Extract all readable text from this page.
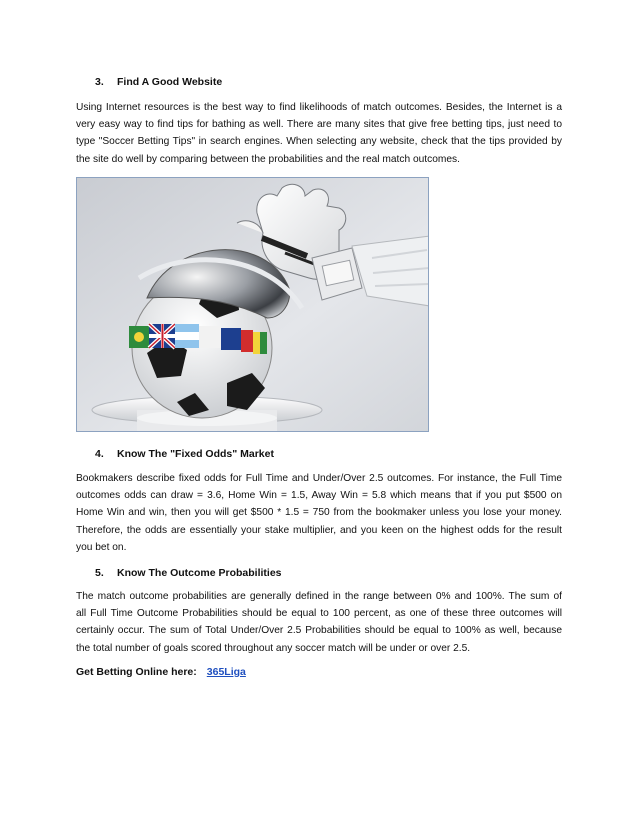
3. Find A Good Website

Using Internet resources is the best way to find likelihoods of match outcomes. Besides, the Internet is a
very easy way to find tips for bathing as well. There are many sites that give free betting tips, just need to
type "Soccer Betting Tips" in search engines. When selecting any website, check that the tips provided by
the site do well by comparing between the probabilities and the real match outcomes.

4. Know The "Fixed Odds" Market

Bookmakers describe fixed odds for Full Time and Under/Over 2.5 outcomes. For instance, the Full Time
outcomes odds can draw = 3.6, Home Win = 1.5, Away Win = 5.8 which means that if you put $500 on
Home Win and win, then you will get $500 * 1.5 = 750 from the bookmaker unless you lose your money.
Therefore, the odds are essentially your stake multiplier, and you keen on the highest odds for the result
you bet on.

5. Know The Outcome Probabilities

The match outcome probabilities are generally defined in the range between 0% and 100%. The sum of
all Full Time Outcome Probabilities should be equal to 100 percent, as one of these three outcomes will
certainly occur. The sum of Total Under/Over 2.5 Probabilities should be equal to 100% as well, because
the total number of goals scored throughout any soccer match will be under or over 2.5.

Get Betting Online here: 365Liga
